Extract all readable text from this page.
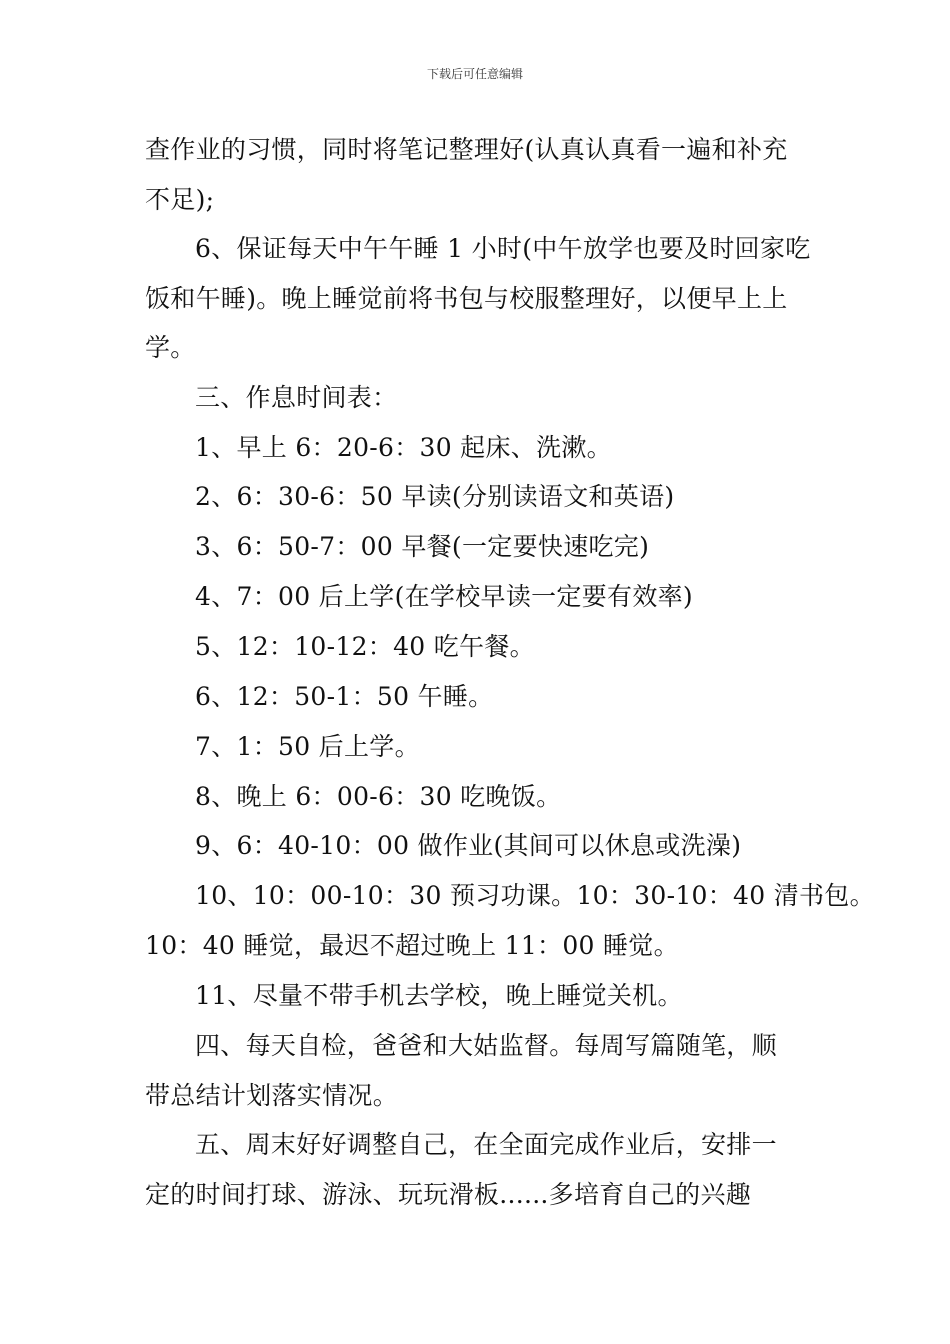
下载后可任意编辑
查作业的习惯，同时将笔记整理好(认真认真看一遍和补充
不足);
6、保证每天中午午睡 1 小时(中午放学也要及时回家吃
饭和午睡)。晚上睡觉前将书包与校服整理好，以便早上上
学。
三、作息时间表：
1、早上 6：20-6：30 起床、洗漱。
2、6：30-6：50 早读(分别读语文和英语)
3、6：50-7：00 早餐(一定要快速吃完)
4、7：00 后上学(在学校早读一定要有效率)
5、12：10-12：40 吃午餐。
6、12：50-1：50 午睡。
7、1：50 后上学。
8、晚上 6：00-6：30 吃晚饭。
9、6：40-10：00 做作业(其间可以休息或洗澡)
10、10：00-10：30 预习功课。10：30-10：40 清书包。
10：40 睡觉，最迟不超过晚上 11：00 睡觉。
11、尽量不带手机去学校，晚上睡觉关机。
四、每天自检，爸爸和大姑监督。每周写篇随笔，顺
带总结计划落实情况。
五、周末好好调整自己，在全面完成作业后，安排一
定的时间打球、游泳、玩玩滑板......多培育自己的兴趣
